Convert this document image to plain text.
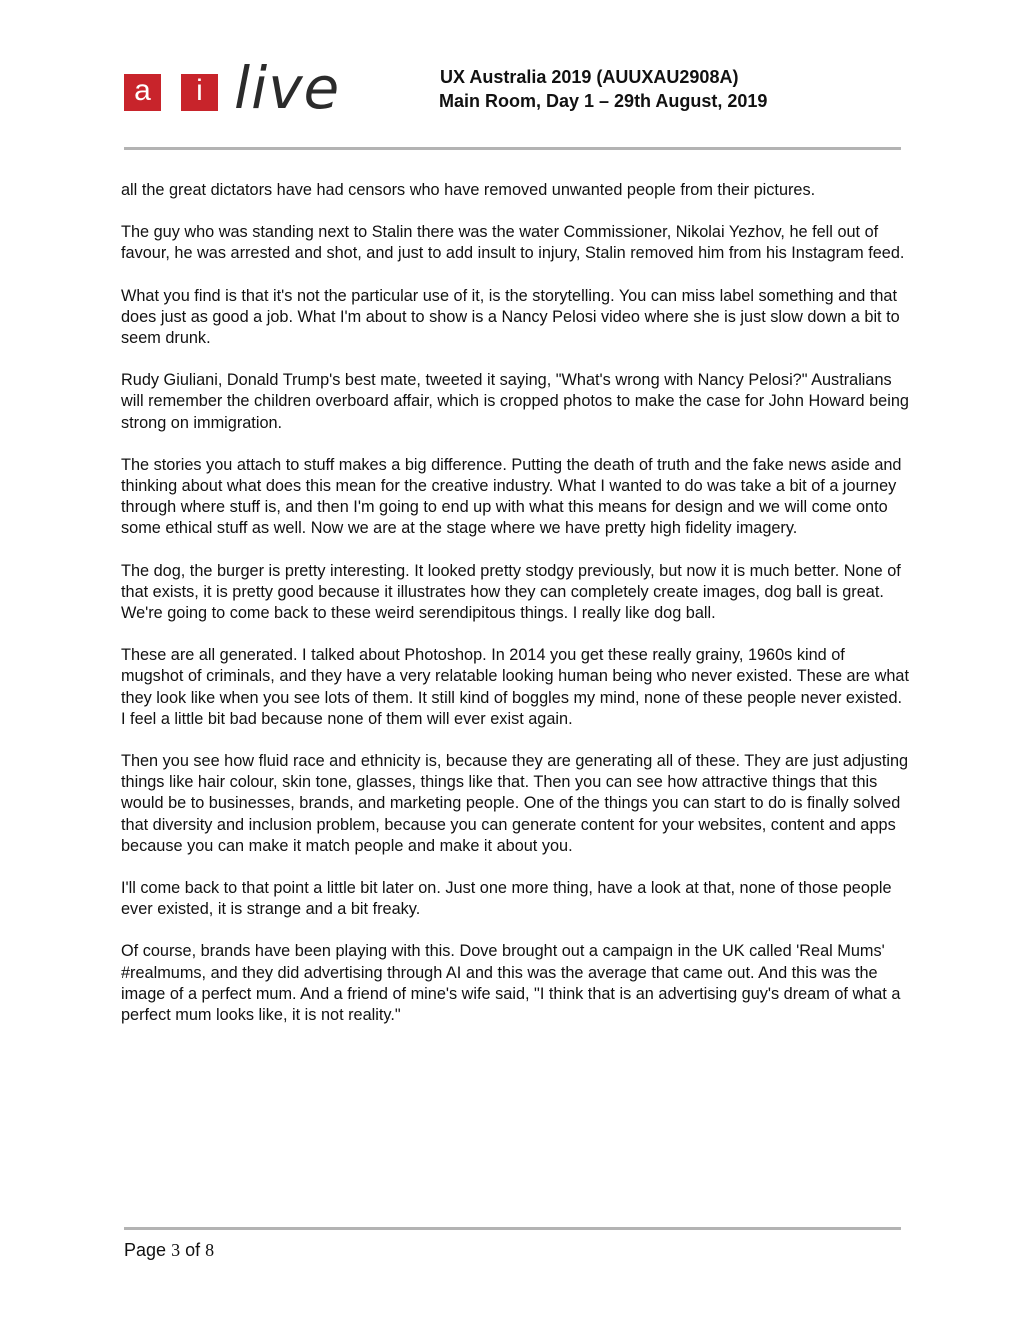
a	i live	UX Australia 2019 (AUUXAU2908A)
Main Room, Day 1 – 29th August, 2019

all the great dictators have had censors who have removed unwanted people from their pictures.

The guy who was standing next to Stalin there was the water Commissioner, Nikolai Yezhov, he fell out of favour, he was arrested and shot, and just to add insult to injury, Stalin removed him from his Instagram feed.

What you find is that it's not the particular use of it, is the storytelling. You can miss label something and that does just as good a job. What I'm about to show is a Nancy Pelosi video where she is just slow down a bit to seem drunk.

Rudy Giuliani, Donald Trump's best mate, tweeted it saying, "What's wrong with Nancy Pelosi?" Australians will remember the children overboard affair, which is cropped photos to make the case for John Howard being strong on immigration.

The stories you attach to stuff makes a big difference. Putting the death of truth and the fake news aside and thinking about what does this mean for the creative industry. What I wanted to do was take a bit of a journey through where stuff is, and then I'm going to end up with what this means for design and we will come onto some ethical stuff as well. Now we are at the stage where we have pretty high fidelity imagery.

The dog, the burger is pretty interesting. It looked pretty stodgy previously, but now it is much better. None of that exists, it is pretty good because it illustrates how they can completely create images, dog ball is great. We're going to come back to these weird serendipitous things. I really like dog ball.

These are all generated. I talked about Photoshop. In 2014 you get these really grainy, 1960s kind of mugshot of criminals, and they have a very relatable looking human being who never existed. These are what they look like when you see lots of them. It still kind of boggles my mind, none of these people never existed. I feel a little bit bad because none of them will ever exist again.

Then you see how fluid race and ethnicity is, because they are generating all of these. They are just adjusting things like hair colour, skin tone, glasses, things like that. Then you can see how attractive things that this would be to businesses, brands, and marketing people. One of the things you can start to do is finally solved that diversity and inclusion problem, because you can generate content for your websites, content and apps because you can make it match people and make it about you.

I'll come back to that point a little bit later on. Just one more thing, have a look at that, none of those people ever existed, it is strange and a bit freaky.

Of course, brands have been playing with this. Dove brought out a campaign in the UK called 'Real Mums' #realmums, and they did advertising through AI and this was the average that came out. And this was the image of a perfect mum. And a friend of mine's wife said, "I think that is an advertising guy's dream of what a perfect mum looks like, it is not reality."

Page 3 of 8
